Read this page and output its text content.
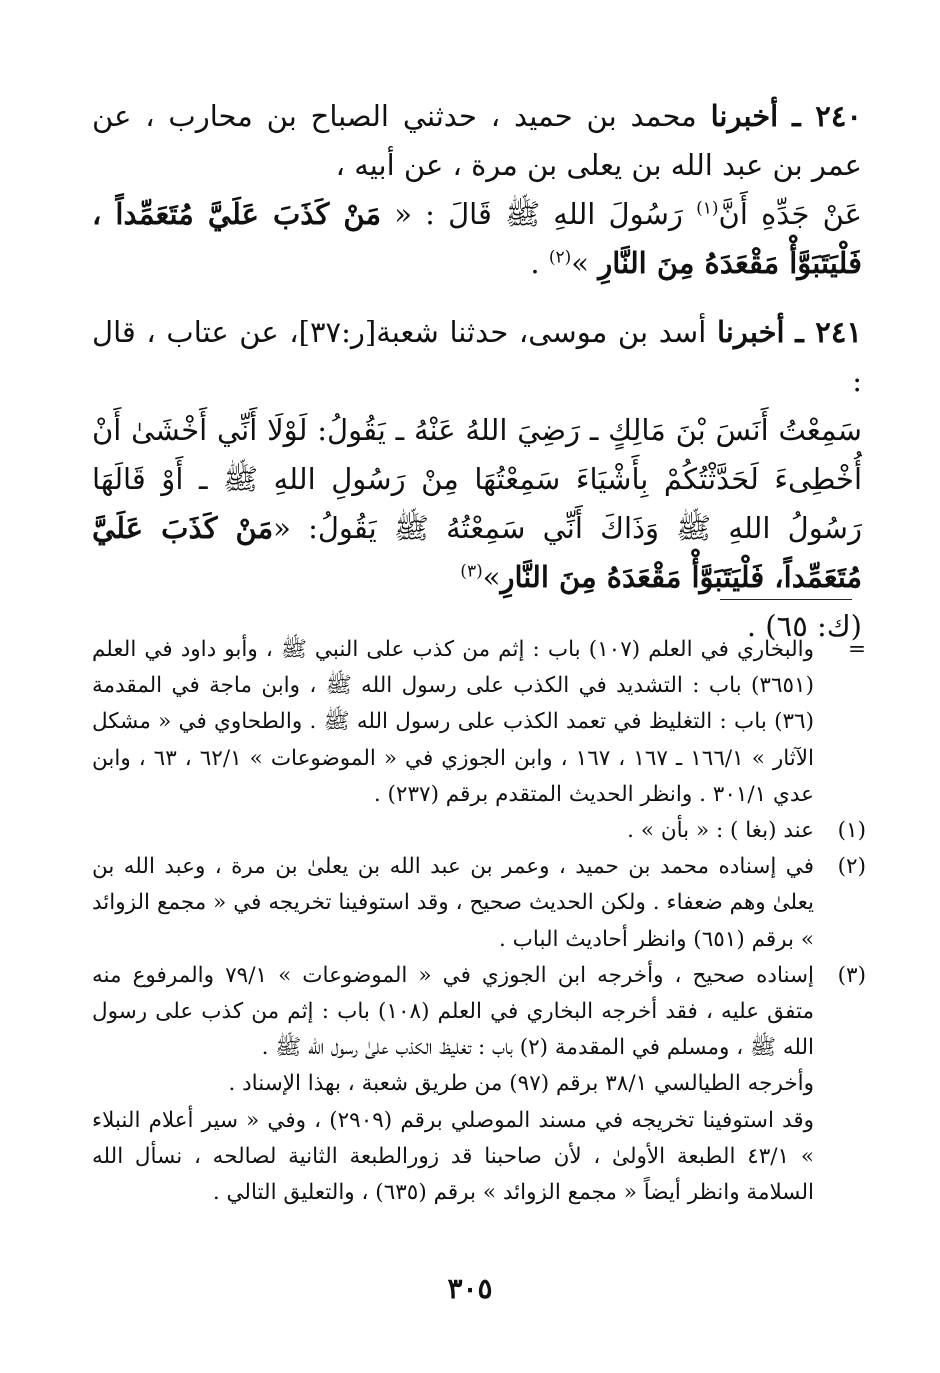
٢٤٠ ـ أخبرنا محمد بن حميد ، حدثني الصباح بن محارب ، عن عمر بن عبد الله بن يعلى بن مرة ، عن أبيه ،

عَنْ جَدِّهِ أَنَّ$^{(١)}$ رَسُولَ اللهِ ﷺ قَالَ : « مَنْ كَذَبَ عَلَيَّ مُتَعَمِّداً ، فَلْيَتَبَوَّأْ مَقْعَدَهُ مِنَ النَّارِ »$^{(٢)}$ .

٢٤١ ـ أخبرنا أسد بن موسى، حدثنا شعبة[ر:٣٧]، عن عتاب ، قال :

سَمِعْتُ أَنَسَ بْنَ مَالِكٍ ـ رَضِيَ اللهُ عَنْهُ ـ يَقُولُ: لَوْلَا أَنِّي أَخْشَىٰ أَنْ أُخْطِىءَ لَحَدَّثْتُكُمْ بِأَشْيَاءَ سَمِعْتُهَا مِنْ رَسُولِ اللهِ ﷺ ـ أَوْ قَالَهَا رَسُولُ اللهِ ﷺ وَذَاكَ أَنِّي سَمِعْتُهُ ﷺ يَقُولُ: «مَنْ كَذَبَ عَلَيَّ مُتَعَمِّداً، فَلْيَتَبَوَّأْ مَقْعَدَهُ مِنَ النَّارِ»$^{(٣)}$

(ك: ٦٥) .

=
والبخاري في العلم (١٠٧) باب : إثم من كذب على النبي ﷺ ، وأبو داود في العلم (٣٦٥١) باب : التشديد في الكذب على رسول الله ﷺ ، وابن ماجة في المقدمة (٣٦) باب : التغليظ في تعمد الكذب على رسول الله ﷺ . والطحاوي في « مشكل الآثار » ١٦٦/١ ـ ١٦٧ ، ١٦٧ ، وابن الجوزي في « الموضوعات » ٦٢/١ ، ٦٣ ، وابن عدي ٣٠١/١ . وانظر الحديث المتقدم برقم (٢٣٧) .
(١)
عند (بغا ) : « بأن » .
(٢)
في إسناده محمد بن حميد ، وعمر بن عبد الله بن يعلىٰ بن مرة ، وعبد الله بن يعلىٰ وهم ضعفاء . ولكن الحديث صحيح ، وقد استوفينا تخريجه في « مجمع الزوائد » برقم (٦٥١) وانظر أحاديث الباب .
(٣)
إسناده صحيح ، وأخرجه ابن الجوزي في « الموضوعات » ٧٩/١ والمرفوع منه متفق عليه ، فقد أخرجه البخاري في العلم (١٠٨) باب : إثم من كذب على رسول الله ﷺ ، ومسلم في المقدمة (٢) باب : تغليظ الكذب علىٰ رسول الله ﷺ .
وأخرجه الطيالسي ٣٨/١ برقم (٩٧) من طريق شعبة ، بهذا الإسناد .
وقد استوفينا تخريجه في مسند الموصلي برقم (٢٩٠٩) ، وفي « سير أعلام النبلاء » ٤٣/١ الطبعة الأولىٰ ، لأن صاحبنا قد زورالطبعة الثانية لصالحه ، نسأل الله السلامة وانظر أيضاً « مجمع الزوائد » برقم (٦٣٥) ، والتعليق التالي .
٣٠٥
